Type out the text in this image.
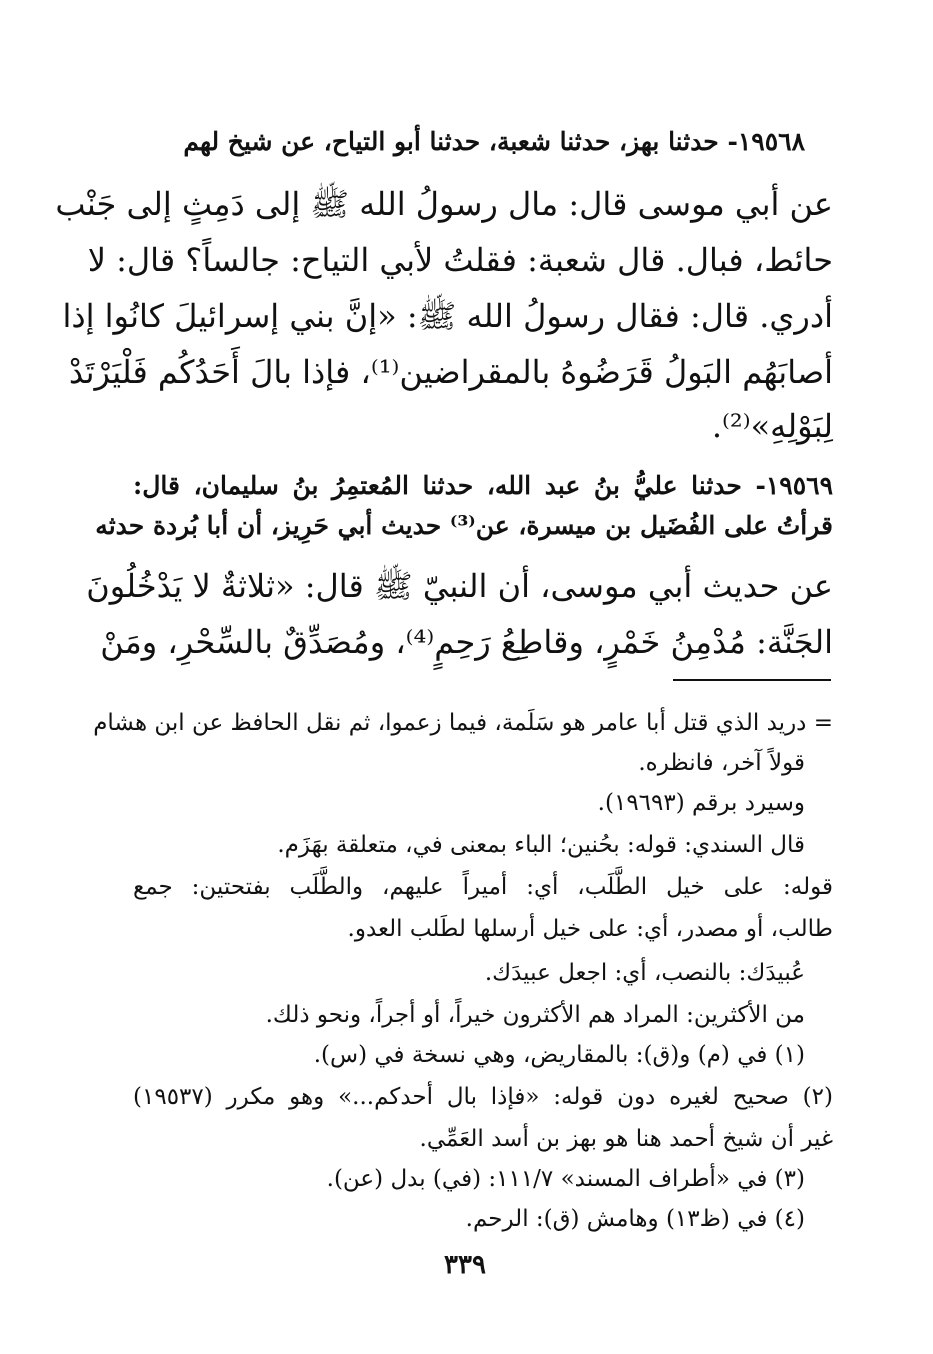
١٩٥٦٨- حدثنا بهز، حدثنا شعبة، حدثنا أبو التياح، عن شيخ لهم
عن أبي موسى قال: مال رسولُ الله ﷺ إلى دَمِثٍ إلى جَنْب
حائط، فبال. قال شعبة: فقلتُ لأبي التياح: جالساً؟ قال: لا
أدري. قال: فقال رسولُ الله ﷺ: «إنَّ بني إسرائيلَ كانُوا إذا
أصابَهُم البَولُ قَرَضُوهُ بالمقراضين⁽¹⁾، فإذا بالَ أَحَدُكُم فَلْيَرْتَدْ
لِبَوْلِهِ»⁽²⁾.
١٩٥٦٩- حدثنا عليُّ بنُ عبد الله، حدثنا المُعتمِرُ بنُ سليمان، قال:
قرأتُ على الفُضَيل بن ميسرة، عن⁽³⁾ حديث أبي حَرِيز، أن أبا بُردة حدثه
عن حديث أبي موسى، أن النبيّ ﷺ قال: «ثلاثةٌ لا يَدْخُلُونَ
الجَنَّة: مُدْمِنُ خَمْرٍ، وقاطِعُ رَحِمٍ⁽⁴⁾، ومُصَدِّقٌ بالسِّحْرِ، ومَنْ
= دريد الذي قتل أبا عامر هو سَلَمة، فيما زعموا، ثم نقل الحافظ عن ابن هشام
قولاً آخر، فانظره.
وسيرد برقم (١٩٦٩٣).
قال السندي: قوله: بحُنين؛ الباء بمعنى في، متعلقة بهَزَم.
قوله: على خيل الطَّلَب، أي: أميراً عليهم، والطَّلَب بفتحتين: جمع
طالب، أو مصدر، أي: على خيل أرسلها لطَلب العدو.
عُبيدَك: بالنصب، أي: اجعل عبيدَك.
من الأكثرين: المراد هم الأكثرون خيراً، أو أجراً، ونحو ذلك.
(١) في (م) و(ق): بالمقاريض، وهي نسخة في (س).
(٢) صحيح لغيره دون قوله: «فإذا بال أحدكم...» وهو مكرر (١٩٥٣٧)
غير أن شيخ أحمد هنا هو بهز بن أسد العَمِّي.
(٣) في «أطراف المسند» ١١١/٧: (في) بدل (عن).
(٤) في (ظ١٣) وهامش (ق): الرحم.
٣٣٩
